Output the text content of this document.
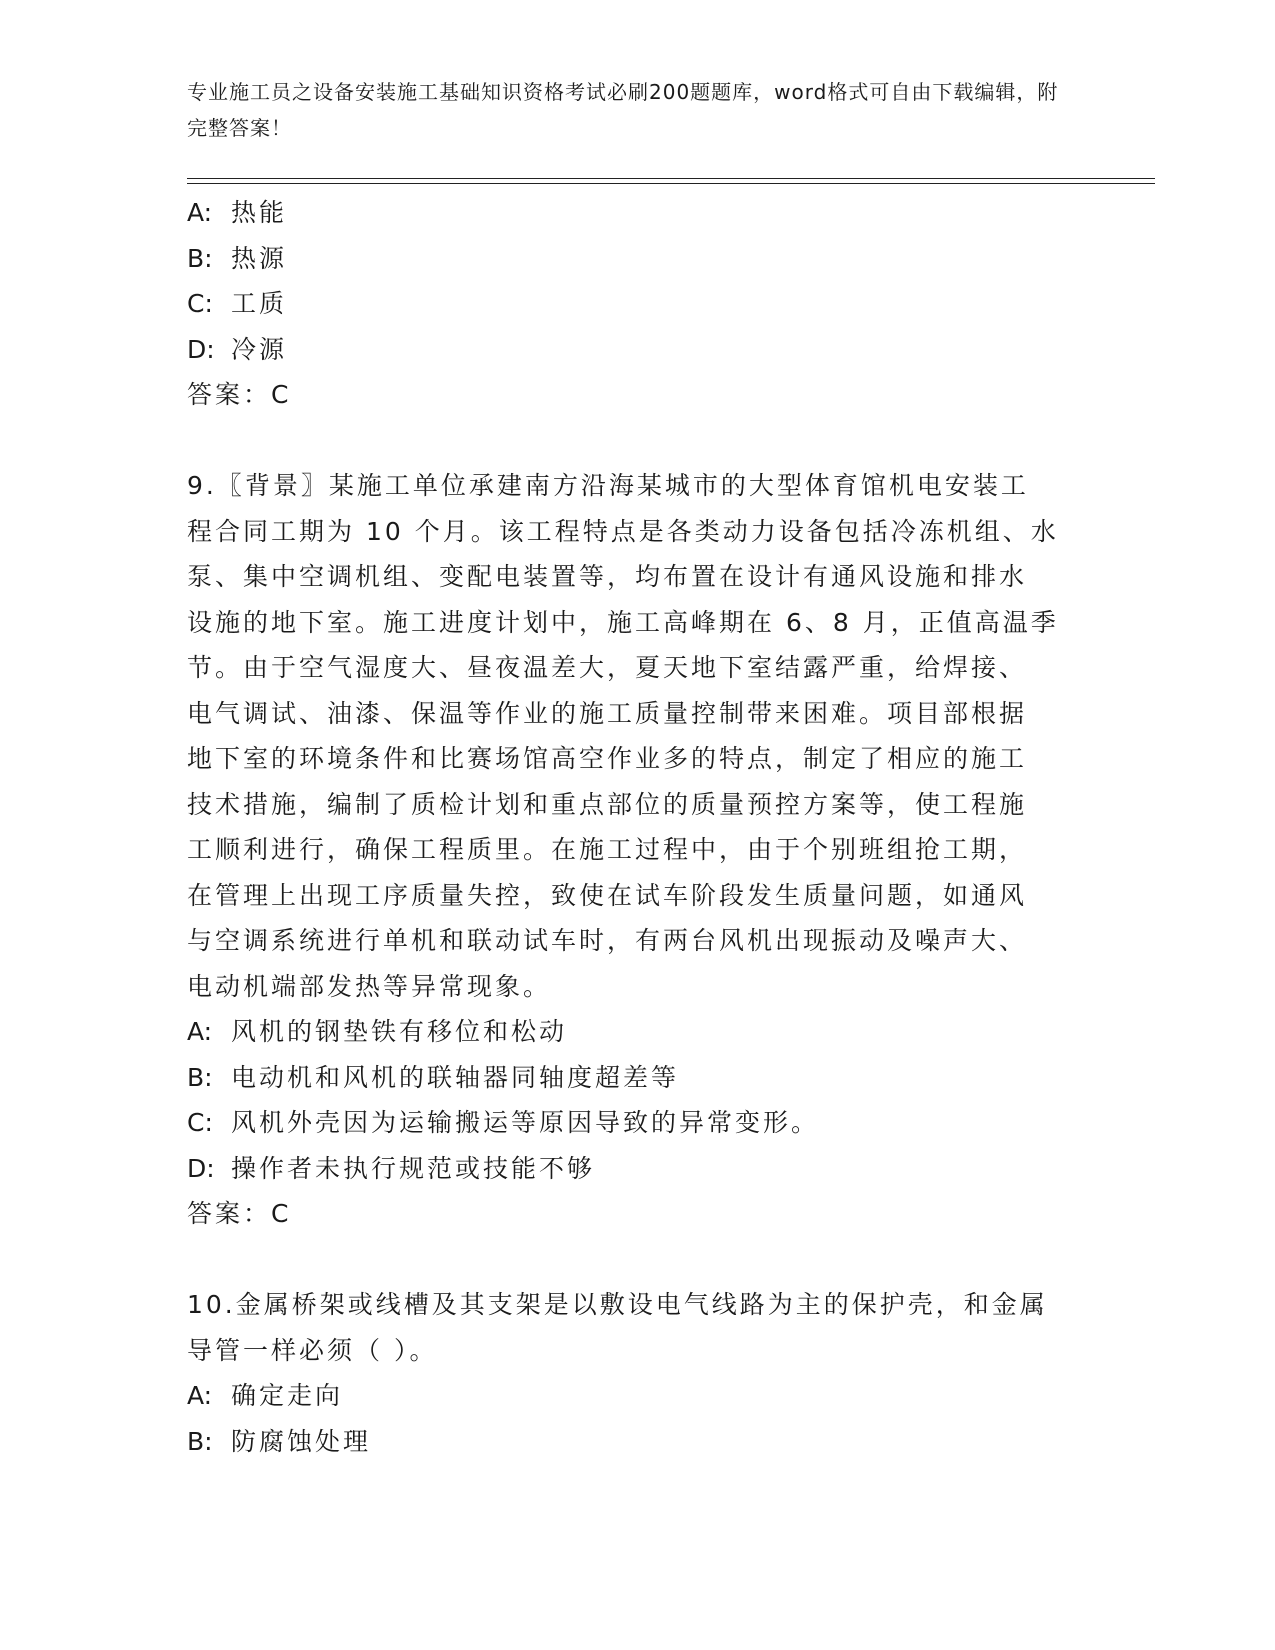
专业施工员之设备安装施工基础知识资格考试必刷200题题库，word格式可自由下载编辑，附完整答案！
A: 热能
B: 热源
C: 工质
D: 冷源
答案：C
9.〖背景〗某施工单位承建南方沿海某城市的大型体育馆机电安装工
程合同工期为 10 个月。该工程特点是各类动力设备包括冷冻机组、水
泵、集中空调机组、变配电装置等，均布置在设计有通风设施和排水
设施的地下室。施工进度计划中，施工高峰期在 6、8 月，正值高温季
节。由于空气湿度大、昼夜温差大，夏天地下室结露严重，给焊接、
电气调试、油漆、保温等作业的施工质量控制带来困难。项目部根据
地下室的环境条件和比赛场馆高空作业多的特点，制定了相应的施工
技术措施，编制了质检计划和重点部位的质量预控方案等，使工程施
工顺利进行，确保工程质里。在施工过程中，由于个别班组抢工期，
在管理上出现工序质量失控，致使在试车阶段发生质量问题，如通风
与空调系统进行单机和联动试车时，有两台风机出现振动及噪声大、
电动机端部发热等异常现象。
A: 风机的钢垫铁有移位和松动
B: 电动机和风机的联轴器同轴度超差等
C: 风机外壳因为运输搬运等原因导致的异常变形。
D: 操作者未执行规范或技能不够
答案：C
10.金属桥架或线槽及其支架是以敷设电气线路为主的保护壳，和金属
导管一样必须（ ）。
A: 确定走向
B: 防腐蚀处理
